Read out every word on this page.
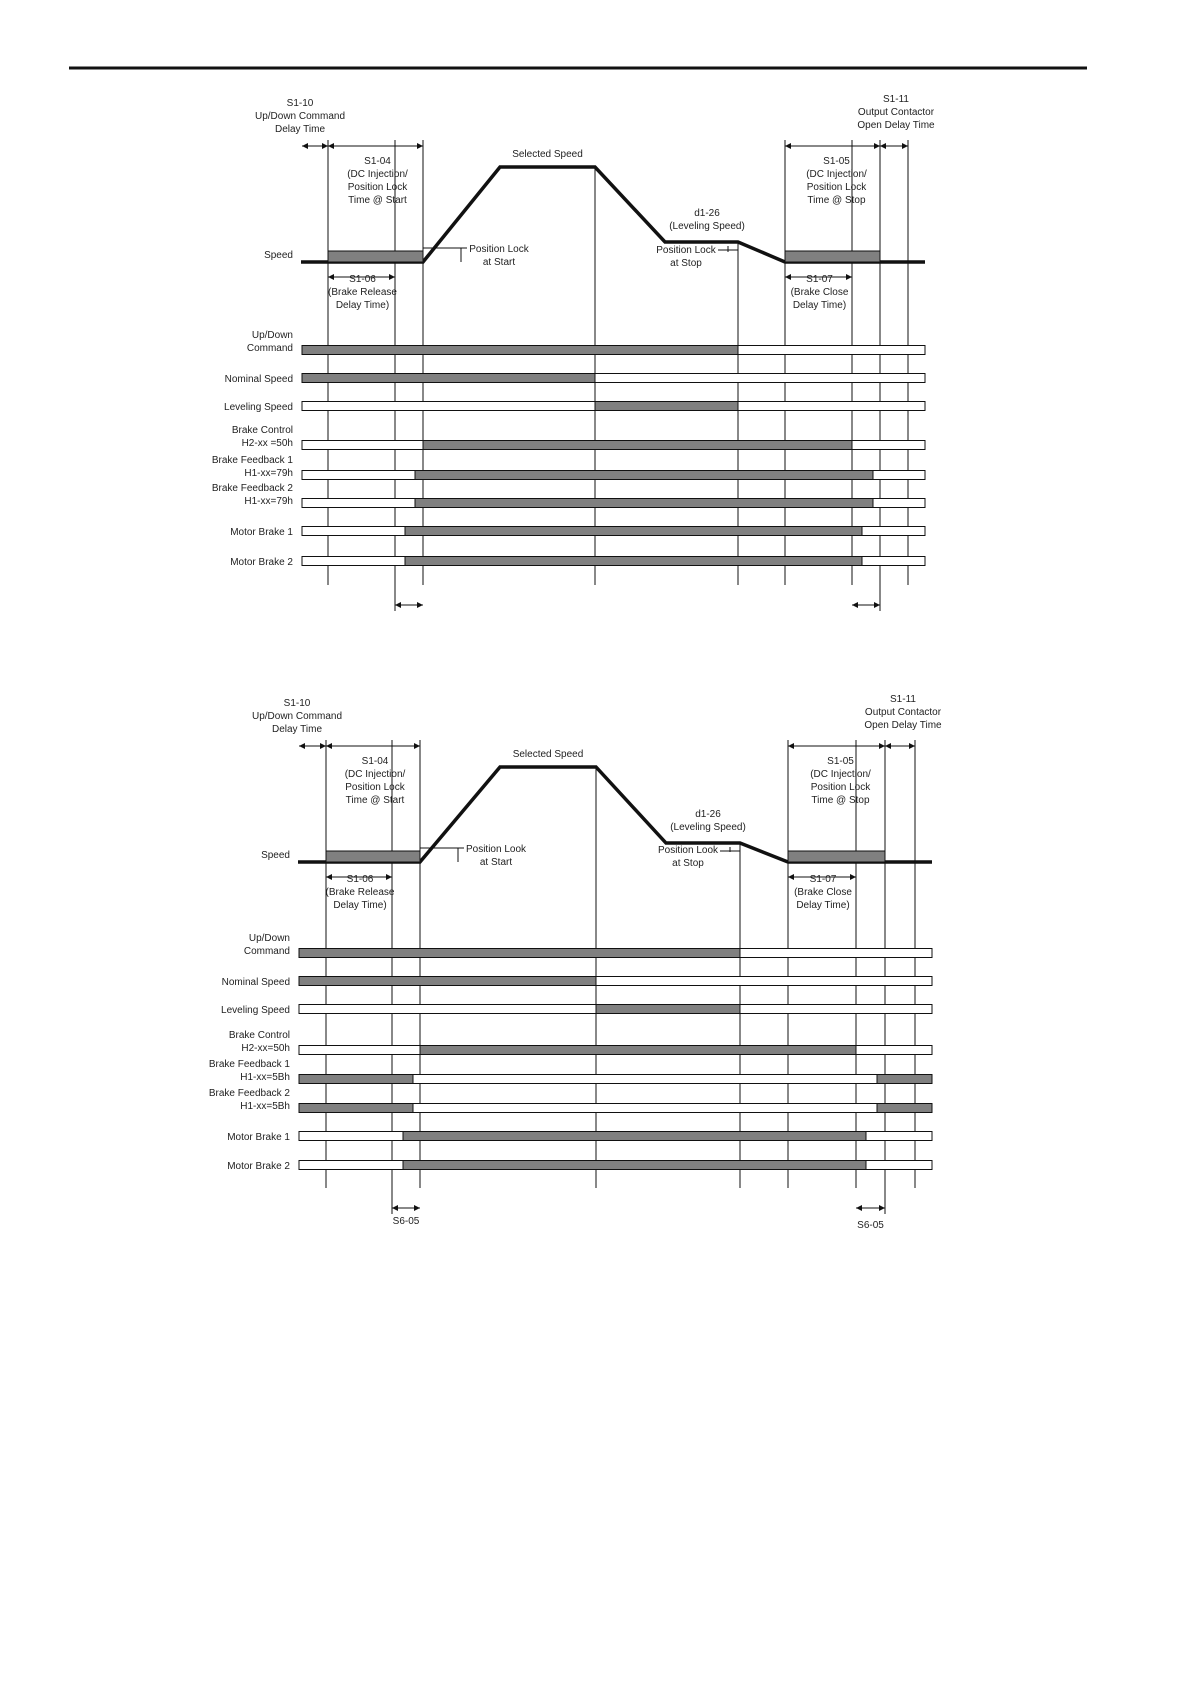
S1-10
Up/Down Command
Delay Time
S1-11
Output Contactor
Open Delay Time
S1-04
(DC Injection/
Position Lock
Time @ Start
S1-05
(DC Injection/
Position Lock
Time @ Stop
Selected Speed
d1-26
(Leveling Speed)
Position Lock
at Start
Position Lock
at Stop
S1-06
(Brake Release
Delay Time)
S1-07
(Brake Close
Delay Time)
Speed
Up/Down
Command
Nominal Speed
Leveling Speed
Brake Control
H2-xx =50h
Brake Feedback 1
H1-xx=79h
Brake Feedback 2
H1-xx=79h
Motor Brake 1
Motor Brake 2
S1-10
Up/Down Command
Delay Time
S1-11
Output Contactor
Open Delay Time
S1-04
(DC Injection/
Position Lock
Time @ Start
S1-05
(DC Injection/
Position Lock
Time @ Stop
Selected Speed
d1-26
(Leveling Speed)
Position Look
at Start
Position Look
at Stop
S1-06
(Brake Release
Delay Time)
S1-07
(Brake Close
Delay Time)
Speed
Up/Down
Command
Nominal Speed
Leveling Speed
Brake Control
H2-xx=50h
Brake Feedback 1
H1-xx=5Bh
Brake Feedback 2
H1-xx=5Bh
Motor Brake 1
Motor Brake 2
S6-05	S6-05
